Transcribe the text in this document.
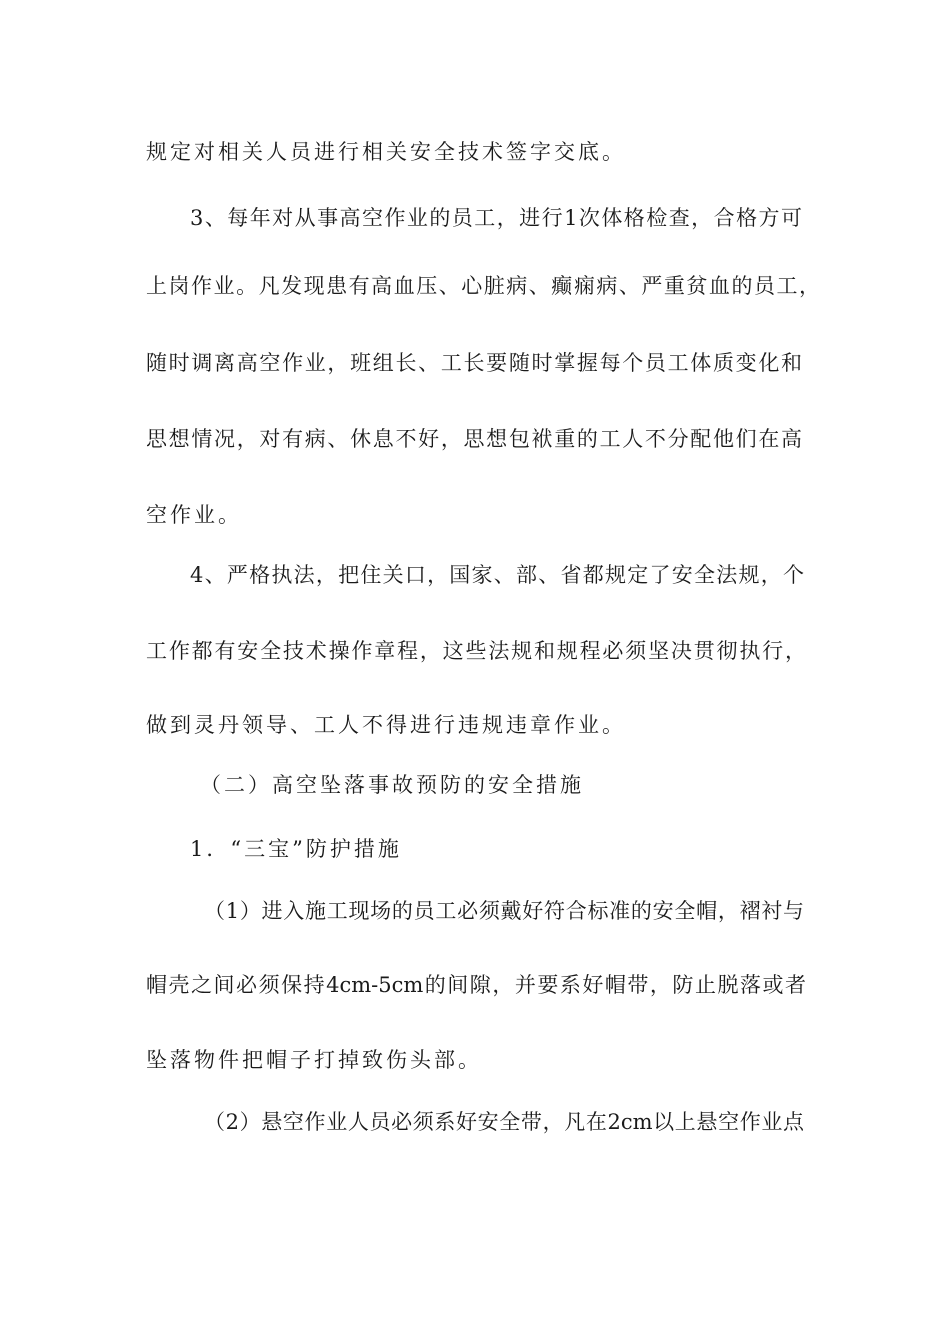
规定对相关人员进行相关安全技术签字交底。
3、每年对从事高空作业的员工，进行1次体格检查，合格方可
上岗作业。凡发现患有高血压、心脏病、癫痫病、严重贫血的员工，
随时调离高空作业，班组长、工长要随时掌握每个员工体质变化和
思想情况，对有病、休息不好，思想包袱重的工人不分配他们在高
空作业。
4、严格执法，把住关口，国家、部、省都规定了安全法规，个
工作都有安全技术操作章程，这些法规和规程必须坚决贯彻执行，
做到灵丹领导、工人不得进行违规违章作业。
（二）高空坠落事故预防的安全措施
1．“三宝”防护措施
（1）进入施工现场的员工必须戴好符合标准的安全帽，褶衬与
帽壳之间必须保持4cm-5cm的间隙，并要系好帽带，防止脱落或者
坠落物件把帽子打掉致伤头部。
（2）悬空作业人员必须系好安全带，凡在2cm以上悬空作业点
